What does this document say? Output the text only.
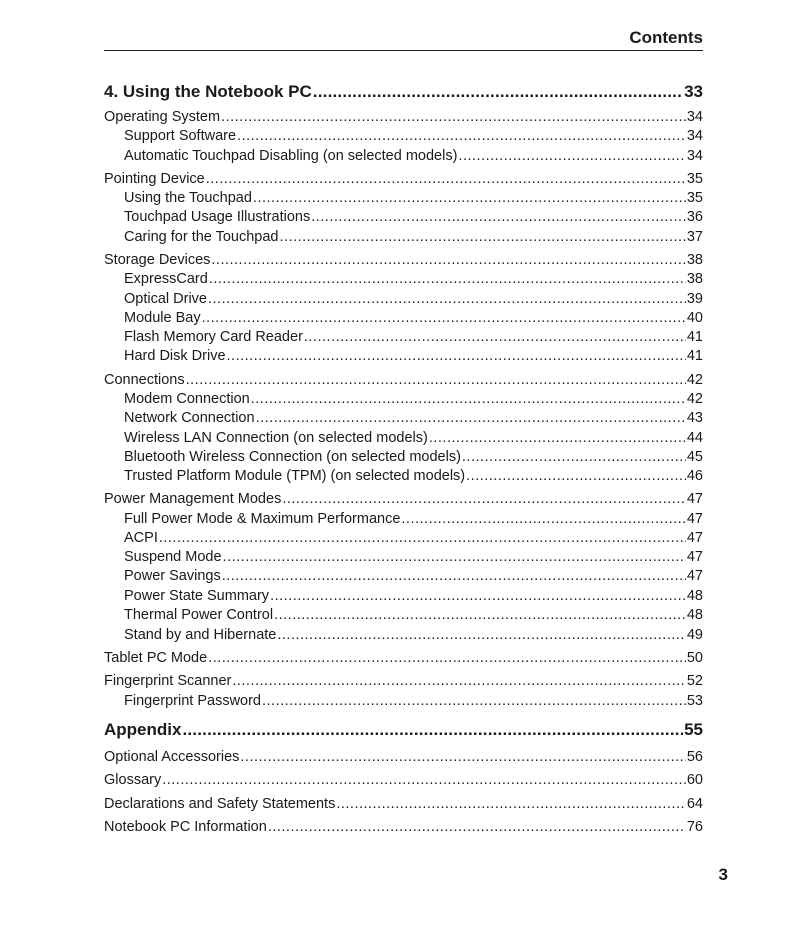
Contents
4. Using the Notebook PC .....	33
Operating System .....	34
Support Software .....	34
Automatic Touchpad Disabling (on selected models) .....	34
Pointing Device .....	35
Using the Touchpad .....	35
Touchpad Usage Illustrations .....	36
Caring for the Touchpad .....	37
Storage Devices .....	38
ExpressCard .....	38
Optical Drive .....	39
Module Bay .....	40
Flash Memory Card Reader .....	41
Hard Disk Drive .....	41
Connections .....	42
Modem Connection .....	42
Network Connection .....	43
Wireless LAN Connection (on selected models) .....	44
Bluetooth Wireless Connection (on selected models) .....	45
Trusted Platform Module (TPM) (on selected models) .....	46
Power Management Modes .....	47
Full Power Mode & Maximum Performance .....	47
ACPI .....	47
Suspend Mode .....	47
Power Savings .....	47
Power State Summary .....	48
Thermal Power Control .....	48
Stand by and Hibernate .....	49
Tablet PC Mode .....	50
Fingerprint Scanner .....	52
Fingerprint Password .....	53
Appendix .....	55
Optional Accessories .....	56
Glossary .....	60
Declarations and Safety Statements .....	64
Notebook PC Information .....	76
3
